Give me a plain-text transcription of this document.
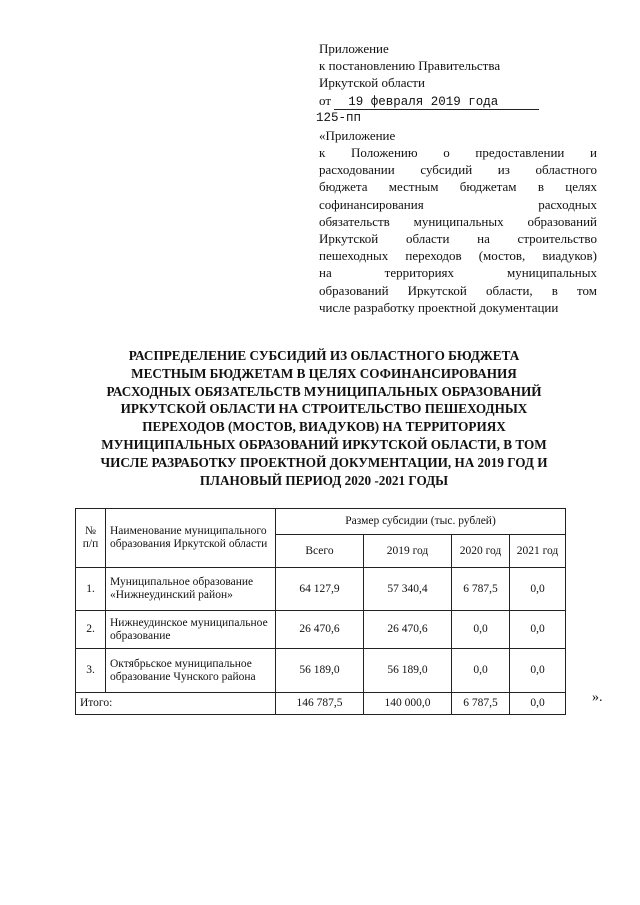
Приложение
к постановлению Правительства
Иркутской области
от 19 февраля 2019 года
125-пп
«Приложение
к Положению о предоставлении и
расходовании субсидий из областного
бюджета местным бюджетам в целях
софинансирования расходных
обязательств муниципальных образований
Иркутской области на строительство
пешеходных переходов (мостов, виадуков)
на территориях муниципальных
образований Иркутской области, в том
числе разработку проектной документации
РАСПРЕДЕЛЕНИЕ СУБСИДИЙ ИЗ ОБЛАСТНОГО БЮДЖЕТА
МЕСТНЫМ БЮДЖЕТАМ В ЦЕЛЯХ СОФИНАНСИРОВАНИЯ
РАСХОДНЫХ ОБЯЗАТЕЛЬСТВ МУНИЦИПАЛЬНЫХ ОБРАЗОВАНИЙ
ИРКУТСКОЙ ОБЛАСТИ НА СТРОИТЕЛЬСТВО ПЕШЕХОДНЫХ
ПЕРЕХОДОВ (МОСТОВ, ВИАДУКОВ) НА ТЕРРИТОРИЯХ
МУНИЦИПАЛЬНЫХ ОБРАЗОВАНИЙ ИРКУТСКОЙ ОБЛАСТИ, В ТОМ
ЧИСЛЕ РАЗРАБОТКУ ПРОЕКТНОЙ ДОКУМЕНТАЦИИ, НА 2019 ГОД И
ПЛАНОВЫЙ ПЕРИОД 2020 -2021 ГОДЫ
№
п/п	Наименование муниципального
образования Иркутской области	Размер субсидии (тыс. рублей)			
		Всего	2019 год	2020 год	2021 год
1.	Муниципальное образование
«Нижнеудинский район»	64 127,9	57 340,4	6 787,5	0,0
2.	Нижнеудинское муниципальное
образование	26 470,6	26 470,6	0,0	0,0
3.	Октябрьское муниципальное
образование Чунского района	56 189,0	56 189,0	0,0	0,0
Итого:		146 787,5	140 000,0	6 787,5	0,0	».
